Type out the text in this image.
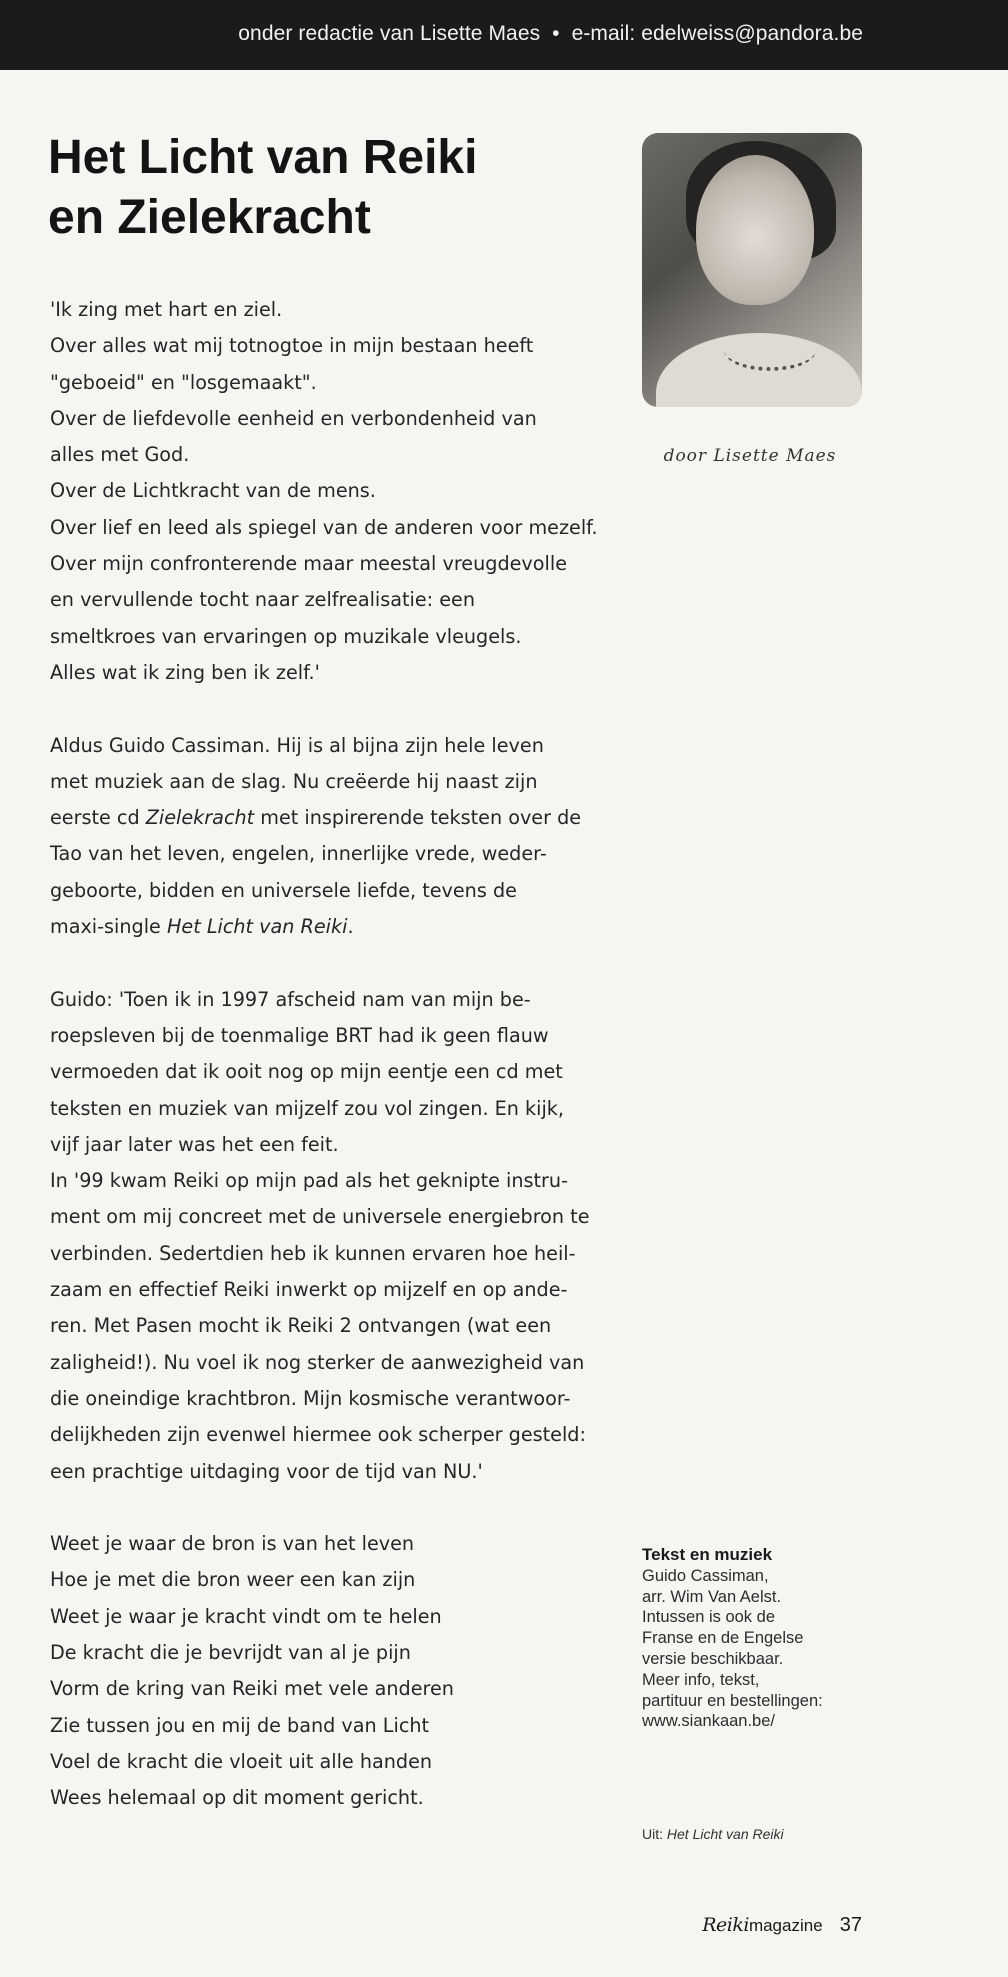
onder redactie van Lisette Maes • e-mail: edelweiss@pandora.be
Het Licht van Reiki
en Zielekracht
'Ik zing met hart en ziel.
Over alles wat mij totnogtoe in mijn bestaan heeft
"geboeid" en "losgemaakt".
Over de liefdevolle eenheid en verbondenheid van
alles met God.
Over de Lichtkracht van de mens.
Over lief en leed als spiegel van de anderen voor mezelf.
Over mijn confronterende maar meestal vreugdevolle
en vervullende tocht naar zelfrealisatie: een
smeltkroes van ervaringen op muzikale vleugels.
Alles wat ik zing ben ik zelf.'
Aldus Guido Cassiman. Hij is al bijna zijn hele leven
met muziek aan de slag. Nu creëerde hij naast zijn
eerste cd Zielekracht met inspirerende teksten over de
Tao van het leven, engelen, innerlijke vrede, weder-
geboorte, bidden en universele liefde, tevens de
maxi-single Het Licht van Reiki.
Guido: 'Toen ik in 1997 afscheid nam van mijn be-
roepsleven bij de toenmalige BRT had ik geen flauw
vermoeden dat ik ooit nog op mijn eentje een cd met
teksten en muziek van mijzelf zou vol zingen. En kijk,
vijf jaar later was het een feit.
In '99 kwam Reiki op mijn pad als het geknipte instru-
ment om mij concreet met de universele energiebron te
verbinden. Sedertdien heb ik kunnen ervaren hoe heil-
zaam en effectief Reiki inwerkt op mijzelf en op ande-
ren. Met Pasen mocht ik Reiki 2 ontvangen (wat een
zaligheid!). Nu voel ik nog sterker de aanwezigheid van
die oneindige krachtbron. Mijn kosmische verantwoor-
delijkheden zijn evenwel hiermee ook scherper gesteld:
een prachtige uitdaging voor de tijd van NU.'
Weet je waar de bron is van het leven
Hoe je met die bron weer een kan zijn
Weet je waar je kracht vindt om te helen
De kracht die je bevrijdt van al je pijn
Vorm de kring van Reiki met vele anderen
Zie tussen jou en mij de band van Licht
Voel de kracht die vloeit uit alle handen
Wees helemaal op dit moment gericht.
door Lisette Maes
Tekst en muziek
Guido Cassiman,
arr. Wim Van Aelst.
Intussen is ook de
Franse en de Engelse
versie beschikbaar.
Meer info, tekst,
partituur en bestellingen:
www.siankaan.be/
Uit: Het Licht van Reiki
Reikimagazine 37
